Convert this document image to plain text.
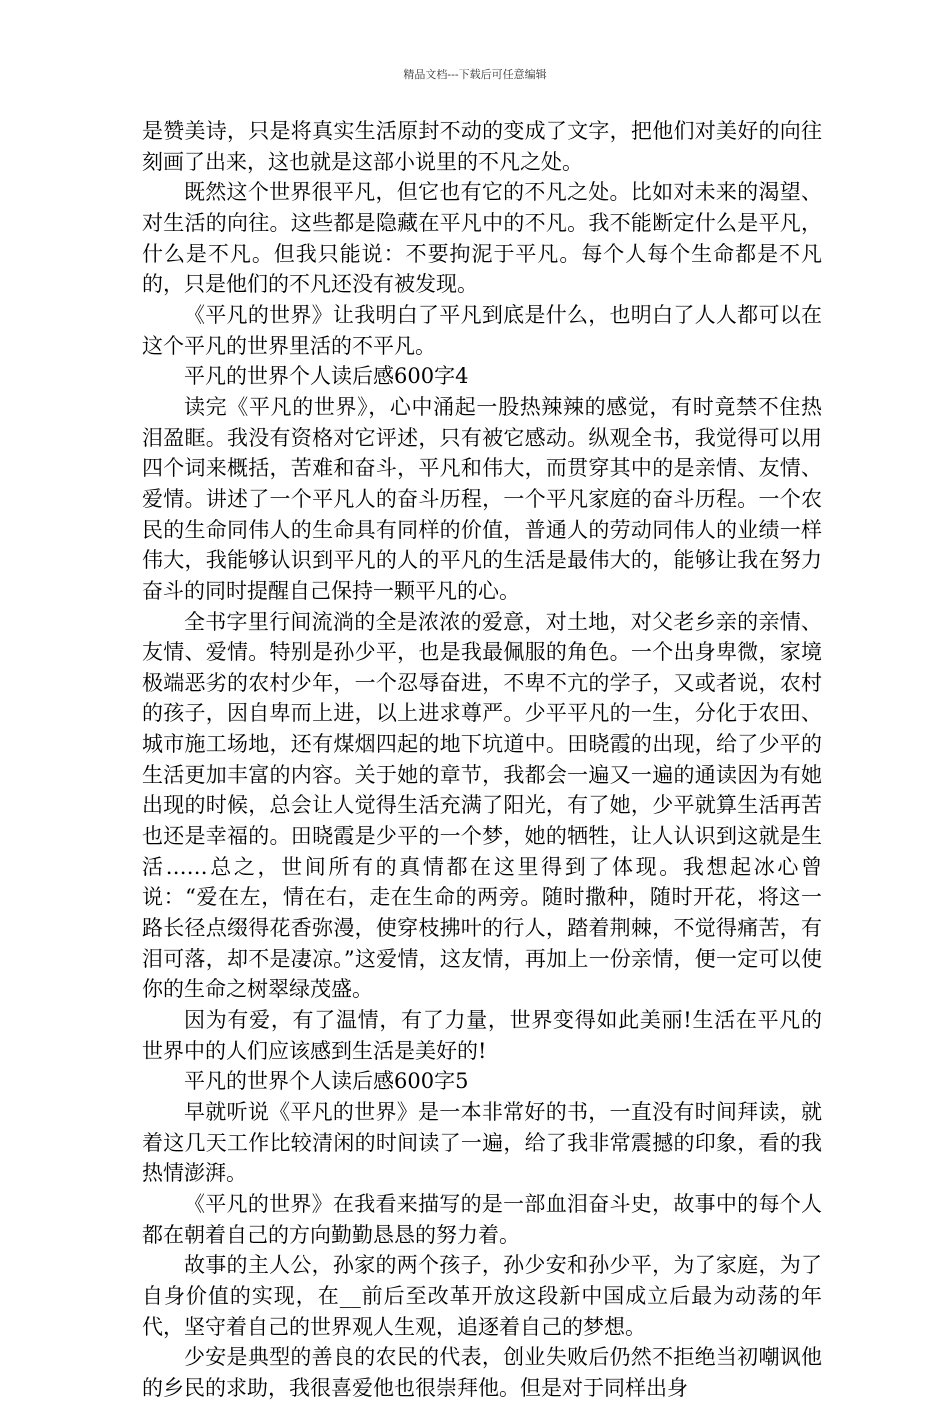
精品文档---下载后可任意编辑

是赞美诗，只是将真实生活原封不动的变成了文字，把他们对美好的向往刻画了出来，这也就是这部小说里的不凡之处。

既然这个世界很平凡，但它也有它的不凡之处。比如对未来的渴望、对生活的向往。这些都是隐藏在平凡中的不凡。我不能断定什么是平凡，什么是不凡。但我只能说：不要拘泥于平凡。每个人每个生命都是不凡的，只是他们的不凡还没有被发现。

《平凡的世界》让我明白了平凡到底是什么，也明白了人人都可以在这个平凡的世界里活的不平凡。

平凡的世界个人读后感600字4

读完《平凡的世界》，心中涌起一股热辣辣的感觉，有时竟禁不住热泪盈眶。我没有资格对它评述，只有被它感动。纵观全书，我觉得可以用四个词来概括，苦难和奋斗，平凡和伟大，而贯穿其中的是亲情、友情、爱情。讲述了一个平凡人的奋斗历程，一个平凡家庭的奋斗历程。一个农民的生命同伟人的生命具有同样的价值，普通人的劳动同伟人的业绩一样伟大，我能够认识到平凡的人的平凡的生活是最伟大的，能够让我在努力奋斗的同时提醒自己保持一颗平凡的心。

全书字里行间流淌的全是浓浓的爱意，对土地，对父老乡亲的亲情、友情、爱情。特别是孙少平，也是我最佩服的角色。一个出身卑微，家境极端恶劣的农村少年，一个忍辱奋进，不卑不亢的学子，又或者说，农村的孩子，因自卑而上进，以上进求尊严。少平平凡的一生，分化于农田、城市施工场地，还有煤烟四起的地下坑道中。田晓霞的出现，给了少平的生活更加丰富的内容。关于她的章节，我都会一遍又一遍的通读因为有她出现的时候，总会让人觉得生活充满了阳光，有了她，少平就算生活再苦也还是幸福的。田晓霞是少平的一个梦，她的牺牲，让人认识到这就是生活……总之，世间所有的真情都在这里得到了体现。我想起冰心曾说：“爱在左，情在右，走在生命的两旁。随时撒种，随时开花，将这一路长径点缀得花香弥漫，使穿枝拂叶的行人，踏着荆棘，不觉得痛苦，有泪可落，却不是凄凉。”这爱情，这友情，再加上一份亲情，便一定可以使你的生命之树翠绿茂盛。

因为有爱，有了温情，有了力量，世界变得如此美丽!生活在平凡的世界中的人们应该感到生活是美好的!

平凡的世界个人读后感600字5

早就听说《平凡的世界》是一本非常好的书，一直没有时间拜读，就着这几天工作比较清闲的时间读了一遍，给了我非常震撼的印象，看的我热情澎湃。

《平凡的世界》在我看来描写的是一部血泪奋斗史，故事中的每个人都在朝着自己的方向勤勤恳恳的努力着。

故事的主人公，孙家的两个孩子，孙少安和孙少平，为了家庭，为了自身价值的实现，在__前后至改革开放这段新中国成立后最为动荡的年代，坚守着自己的世界观人生观，追逐着自己的梦想。

少安是典型的善良的农民的代表，创业失败后仍然不拒绝当初嘲讽他的乡民的求助，我很喜爱他也很崇拜他。但是对于同样出身
